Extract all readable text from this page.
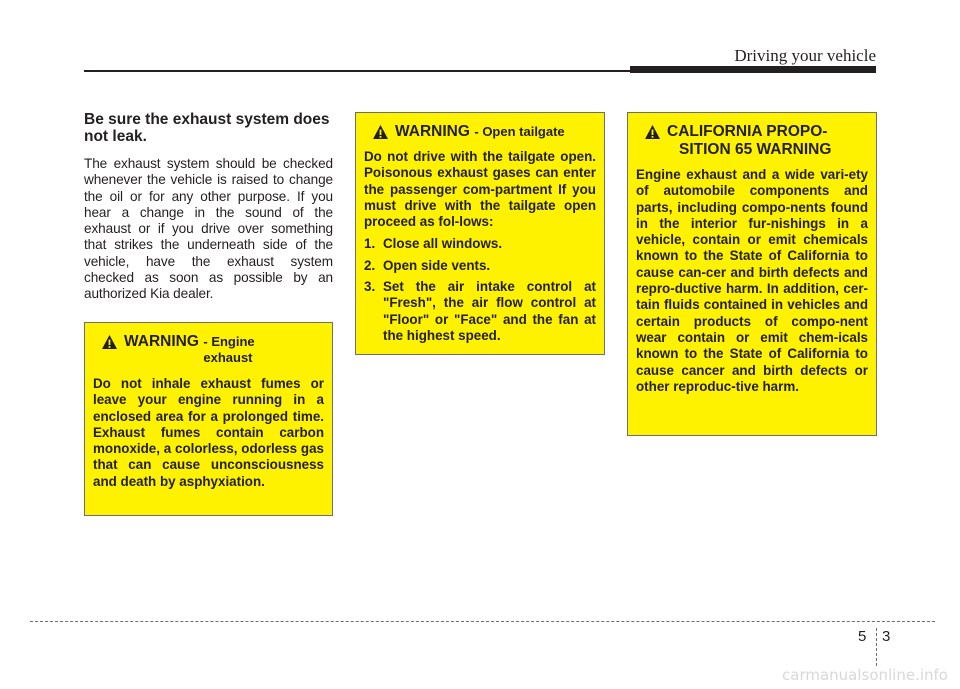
Driving your vehicle
Be sure the exhaust system does not leak.

The exhaust system should be checked whenever the vehicle is raised to change the oil or for any other purpose. If you hear a change in the sound of the exhaust or if you drive over something that strikes the underneath side of the vehicle, have the exhaust system checked as soon as possible by an authorized Kia dealer.

WARNING - Engine exhaust

Do not inhale exhaust fumes or leave your engine running in a enclosed area for a prolonged time. Exhaust fumes contain carbon monoxide, a colorless, odorless gas that can cause unconsciousness and death by asphyxiation.

WARNING - Open tailgate

Do not drive with the tailgate open. Poisonous exhaust gases can enter the passenger com-partment If you must drive with the tailgate open proceed as fol-lows:

1. Close all windows.
2. Open side vents.
3. Set the air intake control at "Fresh", the air flow control at "Floor" or "Face" and the fan at the highest speed.
CALIFORNIA PROPO-
SITION 65 WARNING

Engine exhaust and a wide vari-ety of automobile components and parts, including compo-nents found in the interior fur-nishings in a vehicle, contain or emit chemicals known to the State of California to cause can-cer and birth defects and repro-ductive harm. In addition, cer-tain fluids contained in vehicles and certain products of compo-nent wear contain or emit chem-icals known to the State of California to cause cancer and birth defects or other reproduc-tive harm.

5 3
carmanualsonline.info
